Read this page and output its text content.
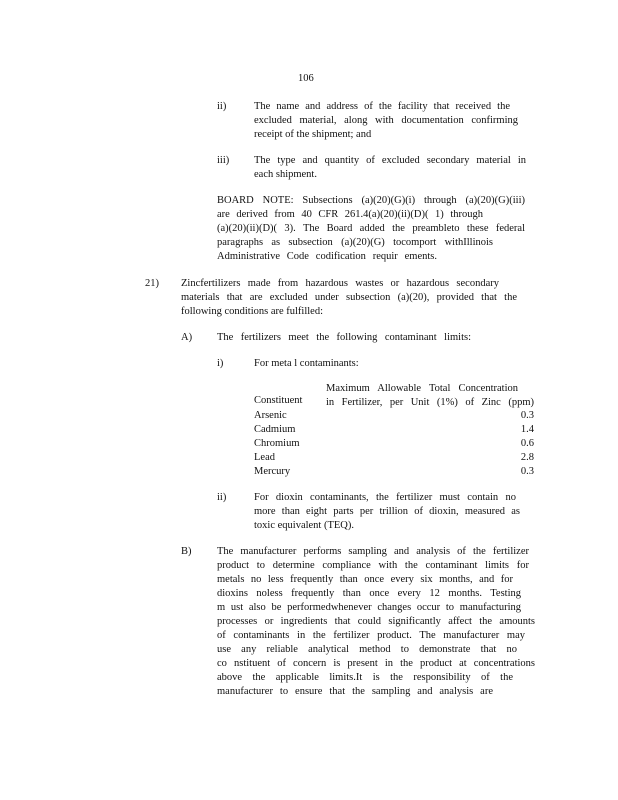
106
ii)	The name and address of the facility that received the
excluded material, along with documentation confirming
receipt of the shipment; and
iii) The type and quantity of excluded secondary material in
each shipment.
BOARD NOTE: Subsections (a)(20)(G)(i) through (a)(20)(G)(iii)
are derived from 40 CFR 261.4(a)(20)(ii)(D)( 1) through
(a)(20)(ii)(D)( 3). The Board added the preambleto these federal
paragraphs as subsection (a)(20)(G) tocomport withIllinois
Administrative Code codification requir ements.
21) Zincfertilizers made from hazardous wastes or hazardous secondary
materials that are excluded under subsection (a)(20), provided that the
following conditions are fulfilled:
A) The fertilizers meet the following contaminant limits:
i)	For meta l contaminants:
Maximum Allowable Total Concentration
in Fertilizer, per Unit (1%) of Zinc (ppm)
Constituent
Arsenic	0.3
Cadmium	1.4
Chromium	0.6
Lead	2.8
Mercury	0.3
ii)	For dioxin contaminants, the fertilizer must contain no
more than eight parts per trillion of dioxin, measured as
toxic equivalent (TEQ).
B) The manufacturer performs sampling and analysis of the fertilizer
product to determine compliance with the contaminant limits for
metals no less frequently than once every six months, and for
dioxins noless frequently than once every 12 months. Testing
m ust also be performedwhenever changes occur to manufacturing
processes or ingredients that could significantly affect the amounts
of contaminants in the fertilizer product. The manufacturer may
use any reliable analytical method to demonstrate that no
co nstituent of concern is present in the product at concentrations
above the applicable limits.It is the responsibility of the
manufacturer to ensure that the sampling and analysis are
